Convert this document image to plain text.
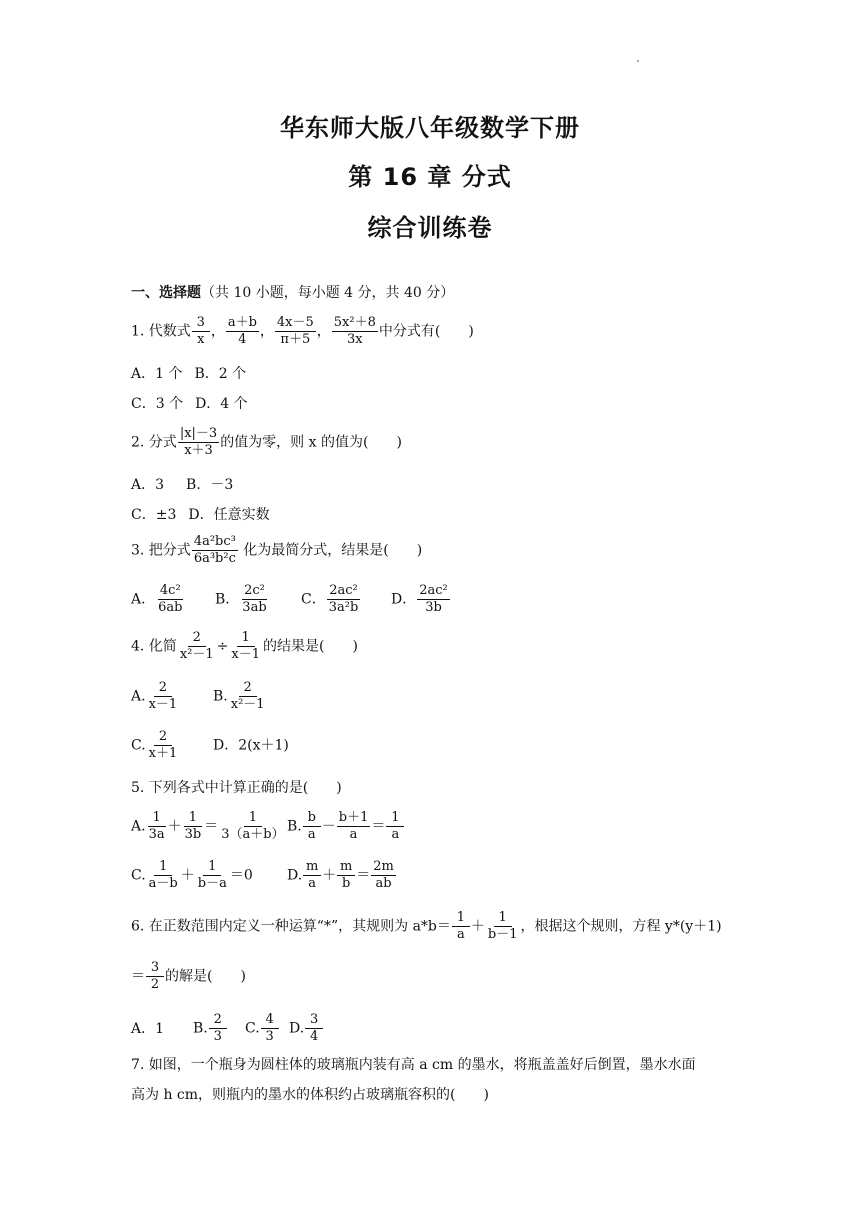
华东师大版八年级数学下册
第 16 章 分式
综合训练卷
一、选择题（共 10 小题，每小题 4 分，共 40 分）
1. 代数式 $\frac{3}{x}$ ， $\frac{a+b}{4}$ ， $\frac{4x-5}{\pi+5}$ ， $\frac{\text{5x²＋8}}{3x}$ 中分式有(　　)
A．1 个 B．2 个
C．3 个 D．4 个
2. 分式 $\frac{|x|-3}{x+3}$ 的值为零，则 x 的值为(　　)
A．3 B．－3
C．±3 D．任意实数
3. 把分式 $\frac{\text{4a²bc³}}{\text{6a³b²c}}$ 化为最简分式，结果是(　　)
A． $\frac{\text{4c²}}{6ab}$ B． $\frac{\text{2c²}}{3ab}$ C． $\frac{\text{2ac²}}{\text{3a²b}}$ D． $\frac{\text{2ac²}}{3b}$
4. 化简 $\frac{2}{\text{x²－1}} \div \frac{1}{x-1}$ 的结果是(　　)
A. $\frac{2}{x-1} B$. $\frac{2}{\text{x²－1}}$
C. $\frac{2}{x+1}$ D．2(x＋1)
5. 下列各式中计算正确的是(　　)
A. $\frac{1}{3a} + \frac{1}{3b} = \frac{1}{3(a+b)} B$. $\frac{b}{a} - \frac{b+1}{a} = \frac{1}{a}$
C. $\frac{1}{a-b} + \frac{1}{b-a} =0$ D. $\frac{m}{a} + \frac{m}{b} = \frac{2m}{ab}$
6. 在正数范围内定义一种运算“*”，其规则为 $a*b= \frac{1}{a} + \frac{1}{b-1}$ ，根据这个规则，方程 y*(y＋1)
＝ $\frac{3}{2}$ 的解是(　　)
A．1 B. $\frac{2}{3} C$. $\frac{4}{3} D$. $\frac{3}{4}$
7. 如图，一个瓶身为圆柱体的玻璃瓶内装有高 a cm 的墨水，将瓶盖盖好后倒置，墨水水面
高为 h cm，则瓶内的墨水的体积约占玻璃瓶容积的(　　)
